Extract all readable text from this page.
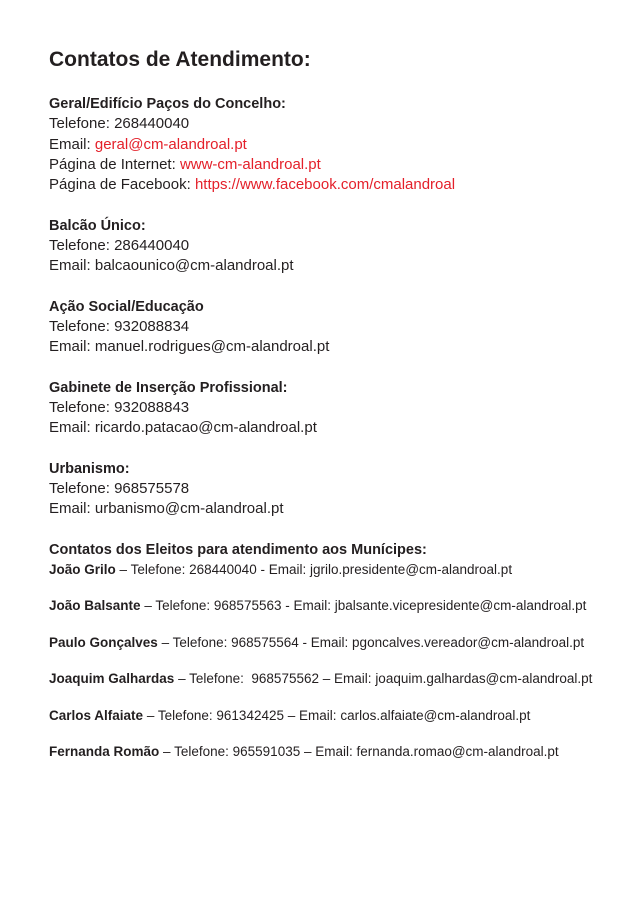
Contatos de Atendimento:
Geral/Edifício Paços do Concelho:
Telefone: 268440040
Email: geral@cm-alandroal.pt
Página de Internet: www-cm-alandroal.pt
Página de Facebook: https://www.facebook.com/cmalandroal
Balcão Único:
Telefone: 286440040
Email: balcaounico@cm-alandroal.pt
Ação Social/Educação
Telefone: 932088834
Email: manuel.rodrigues@cm-alandroal.pt
Gabinete de Inserção Profissional:
Telefone: 932088843
Email: ricardo.patacao@cm-alandroal.pt
Urbanismo:
Telefone: 968575578
Email: urbanismo@cm-alandroal.pt
Contatos dos Eleitos para atendimento aos Munícipes:
João Grilo – Telefone: 268440040 - Email: jgrilo.presidente@cm-alandroal.pt
João Balsante – Telefone: 968575563 - Email: jbalsante.vicepresidente@cm-alandroal.pt
Paulo Gonçalves – Telefone: 968575564 - Email: pgoncalves.vereador@cm-alandroal.pt
Joaquim Galhardas – Telefone:  968575562 – Email: joaquim.galhardas@cm-alandroal.pt
Carlos Alfaiate – Telefone: 961342425 – Email: carlos.alfaiate@cm-alandroal.pt
Fernanda Romão – Telefone: 965591035 – Email: fernanda.romao@cm-alandroal.pt
